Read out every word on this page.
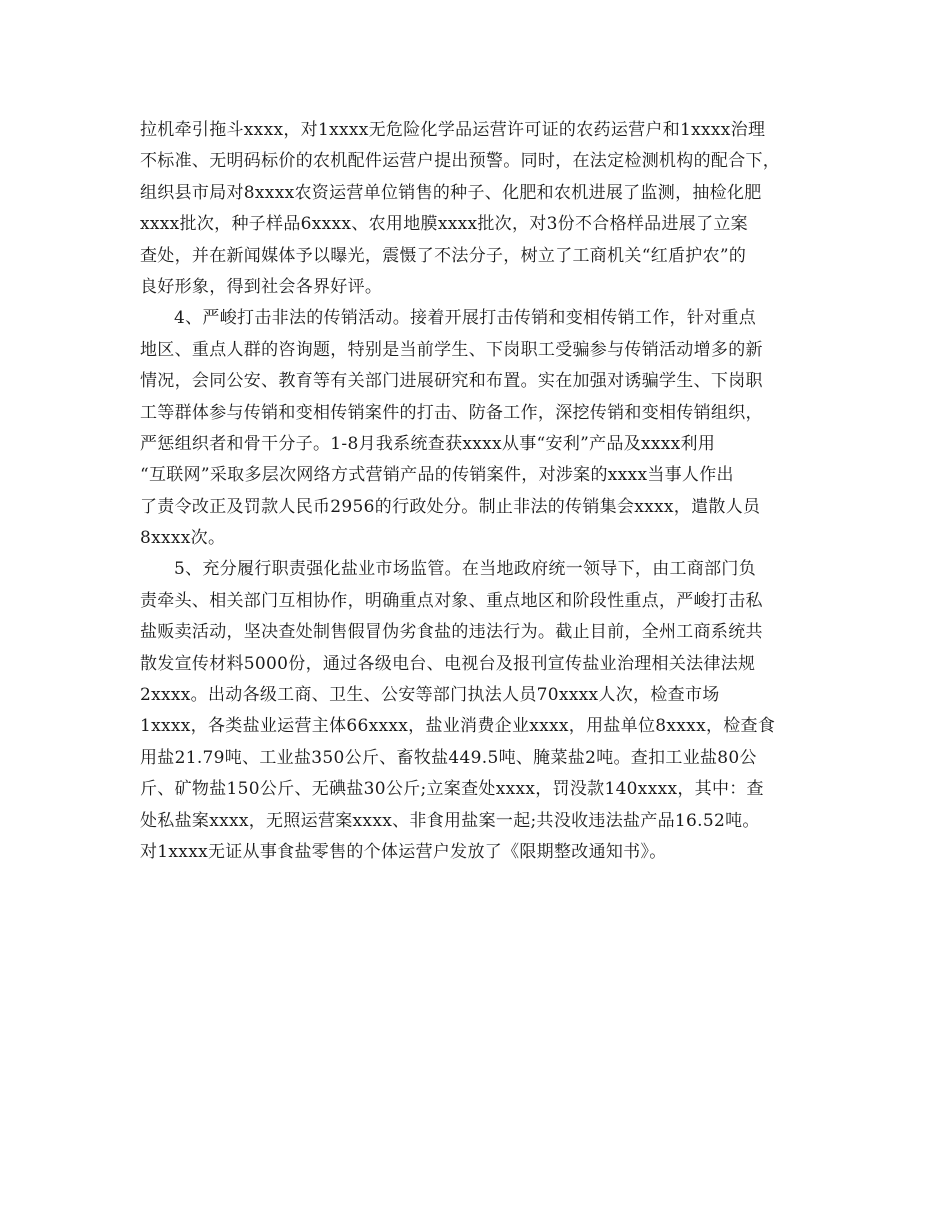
拉机牵引拖斗xxxx，对1xxxx无危险化学品运营许可证的农药运营户和1xxxx治理
不标准、无明码标价的农机配件运营户提出预警。同时，在法定检测机构的配合下，
组织县市局对8xxxx农资运营单位销售的种子、化肥和农机进展了监测，抽检化肥
xxxx批次，种子样品6xxxx、农用地膜xxxx批次，对3份不合格样品进展了立案
查处，并在新闻媒体予以曝光，震慑了不法分子，树立了工商机关“红盾护农”的
良好形象，得到社会各界好评。
4、严峻打击非法的传销活动。接着开展打击传销和变相传销工作，针对重点
地区、重点人群的咨询题，特别是当前学生、下岗职工受骗参与传销活动增多的新
情况，会同公安、教育等有关部门进展研究和布置。实在加强对诱骗学生、下岗职
工等群体参与传销和变相传销案件的打击、防备工作，深挖传销和变相传销组织，
严惩组织者和骨干分子。1-8月我系统查获xxxx从事“安利”产品及xxxx利用
“互联网”采取多层次网络方式营销产品的传销案件，对涉案的xxxx当事人作出
了责令改正及罚款人民币2956的行政处分。制止非法的传销集会xxxx，遣散人员
8xxxx次。
5、充分履行职责强化盐业市场监管。在当地政府统一领导下，由工商部门负
责牵头、相关部门互相协作，明确重点对象、重点地区和阶段性重点，严峻打击私
盐贩卖活动，坚决查处制售假冒伪劣食盐的违法行为。截止目前，全州工商系统共
散发宣传材料5000份，通过各级电台、电视台及报刊宣传盐业治理相关法律法规
2xxxx。出动各级工商、卫生、公安等部门执法人员70xxxx人次，检查市场
1xxxx，各类盐业运营主体66xxxx，盐业消费企业xxxx，用盐单位8xxxx，检查食
用盐21.79吨、工业盐350公斤、畜牧盐449.5吨、腌菜盐2吨。查扣工业盐80公
斤、矿物盐150公斤、无碘盐30公斤;立案查处xxxx，罚没款140xxxx，其中：查
处私盐案xxxx，无照运营案xxxx、非食用盐案一起;共没收违法盐产品16.52吨。
对1xxxx无证从事食盐零售的个体运营户发放了《限期整改通知书》。
